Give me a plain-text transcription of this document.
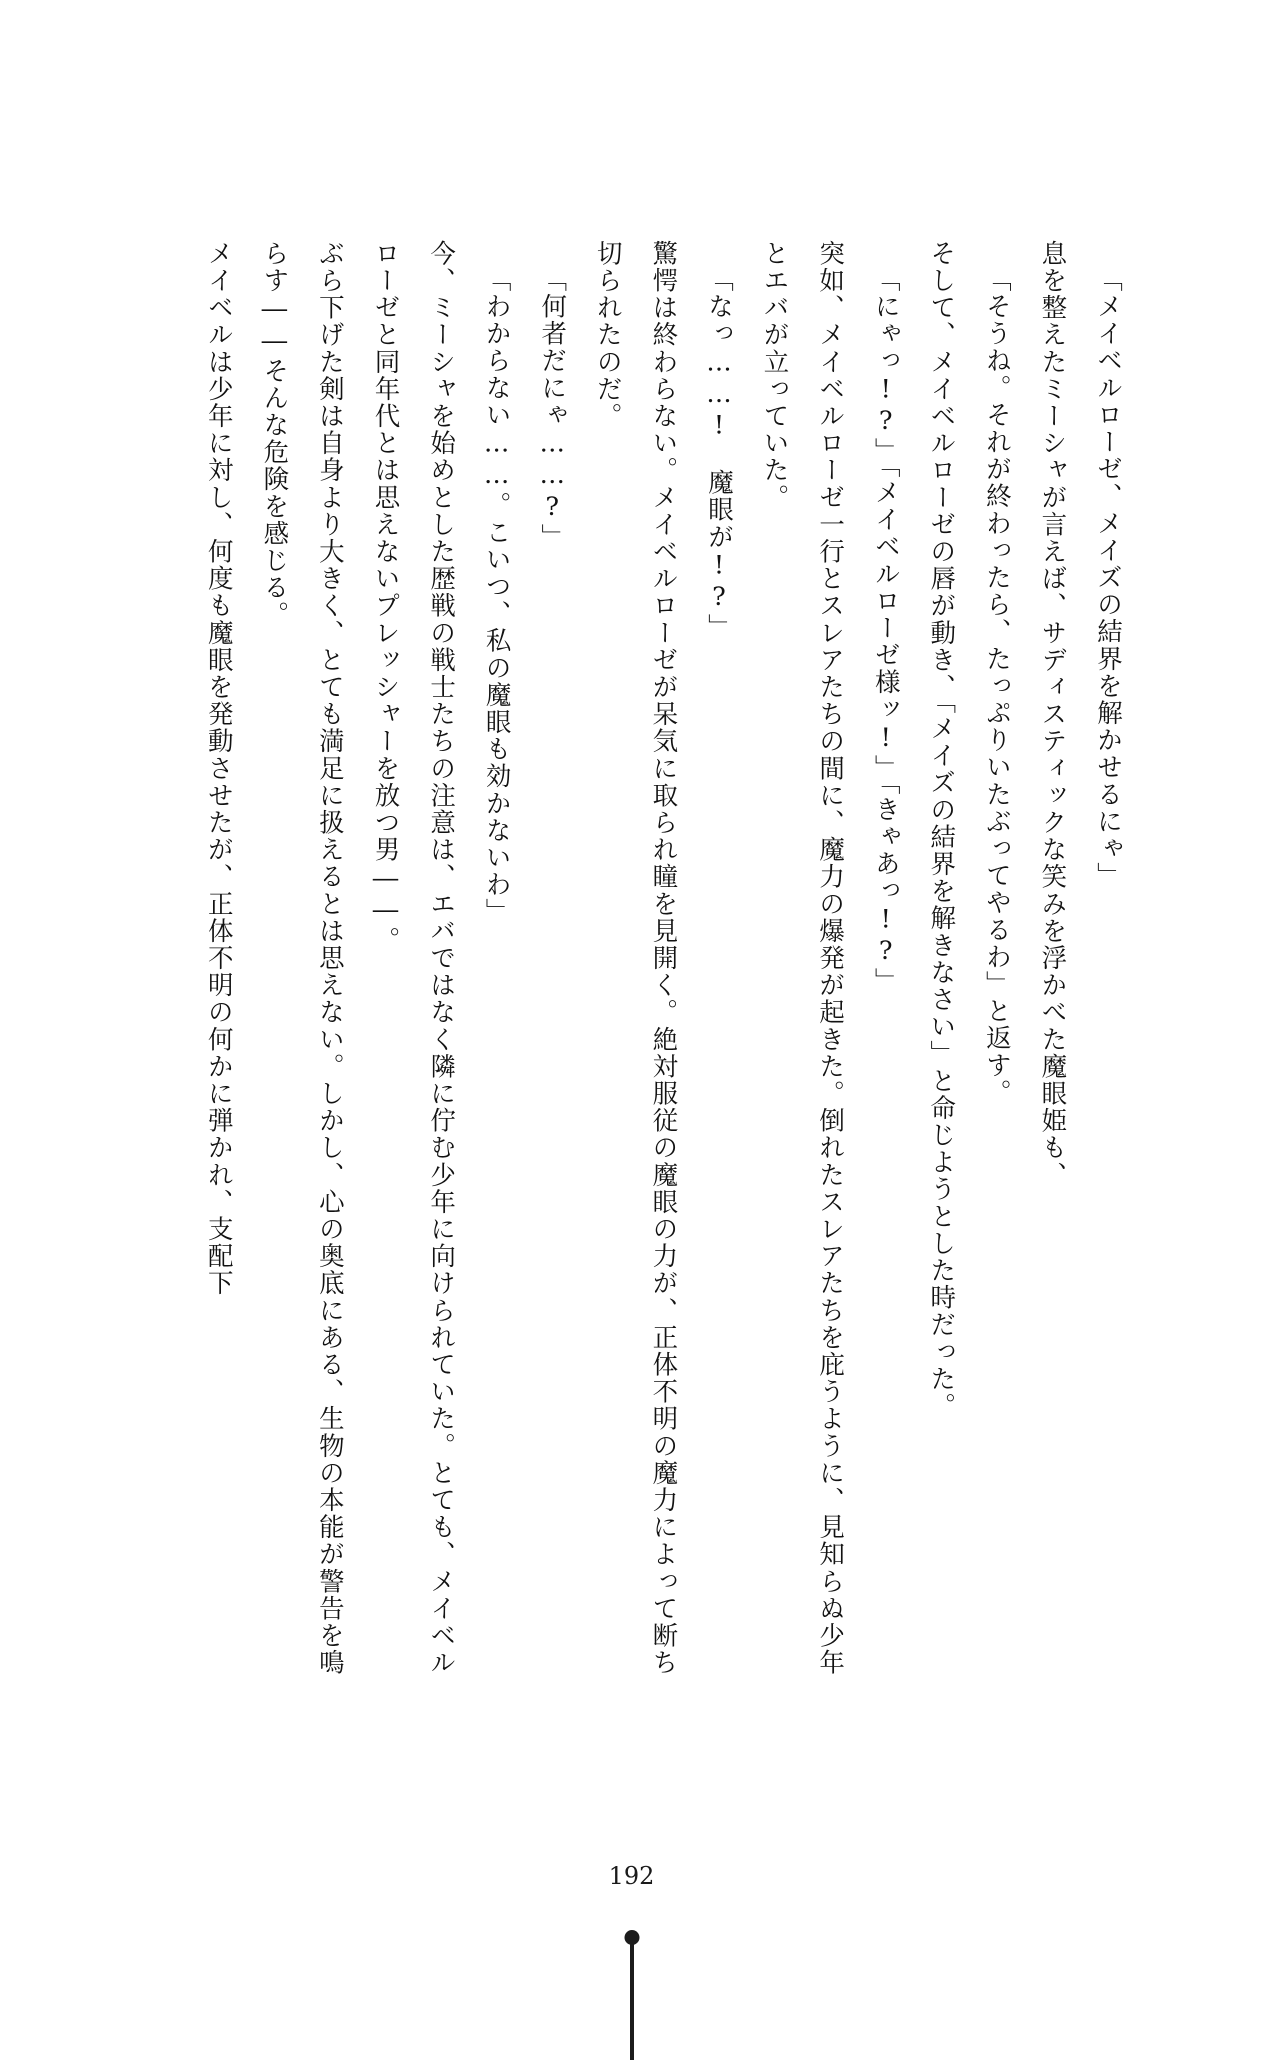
「メイベルローゼ、メイズの結界を解かせるにゃ」

息を整えたミーシャが言えば、サディスティックな笑みを浮かべた魔眼姫も、

「そうね。それが終わったら、たっぷりいたぶってやるわ」と返す。

そして、メイベルローゼの唇が動き、「メイズの結界を解きなさい」と命じようとした時だった。

「にゃっ!?」「メイベルローゼ様ッ!」「きゃあっ!?」

突如、メイベルローゼ一行とスレアたちの間に、魔力の爆発が起きた。倒れたスレアたちを庇うように、見知らぬ少年とエバが立っていた。

「なっ……!　魔眼が!?」

驚愕は終わらない。メイベルローゼが呆気に取られ瞳を見開く。絶対服従の魔眼の力が、正体不明の魔力によって断ち切られたのだ。

「何者だにゃ……?」

「わからない……。こいつ、私の魔眼も効かないわ」

今、ミーシャを始めとした歴戦の戦士たちの注意は、エバではなく隣に佇む少年に向けられていた。とても、メイベルローゼと同年代とは思えないプレッシャーを放つ男――。

ぶら下げた剣は自身より大きく、とても満足に扱えるとは思えない。しかし、心の奥底にある、生物の本能が警告を鳴らす――そんな危険を感じる。

メイベルは少年に対し、何度も魔眼を発動させたが、正体不明の何かに弾かれ、支配下

192
